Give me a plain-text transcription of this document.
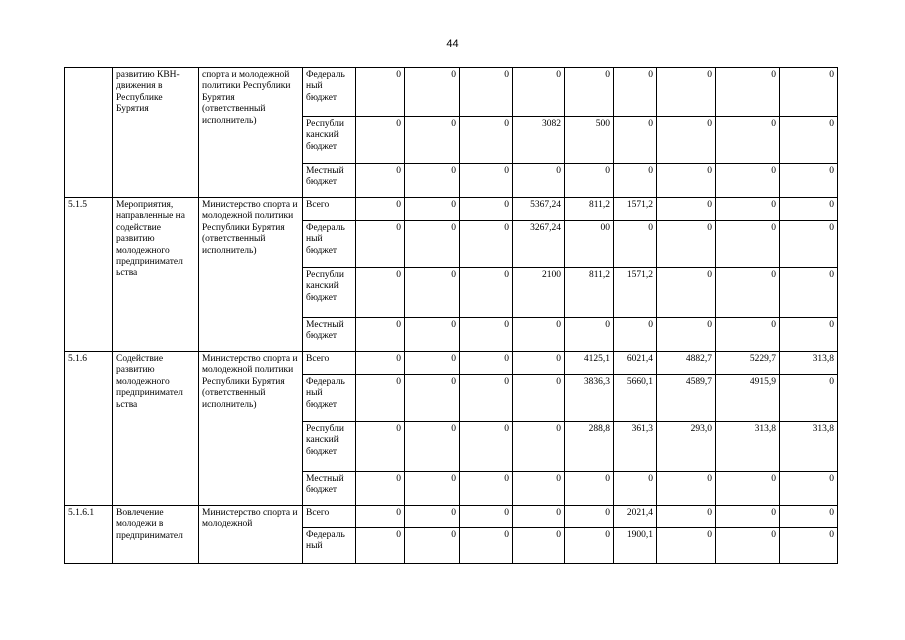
44
	развитию КВН-движения в Республике Бурятия	спорта и молодежной политики Республики Бурятия (ответственный исполнитель)	Федераль ный бюджет	0	0	0	0	0	0	0	0	0
			Республи канский бюджет	0	0	0	3082	500	0	0	0	0
			Местный бюджет	0	0	0	0	0	0	0	0	0
5.1.5	Мероприятия, направленные на содействие развитию молодежного предпринимател ьства	Министерство спорта и молодежной политики Республики Бурятия (ответственный исполнитель)	Всего	0	0	0	5367,24	811,2	1571,2	0	0	0
			Федераль ный бюджет	0	0	0	3267,24	00	0	0	0	0
			Республи канский бюджет	0	0	0	2100	811,2	1571,2	0	0	0
			Местный бюджет	0	0	0	0	0	0	0	0	0
5.1.6	Содействие развитию молодежного предпринимател ьства	Министерство спорта и молодежной политики Республики Бурятия (ответственный исполнитель)	Всего	0	0	0	0	4125,1	6021,4	4882,7	5229,7	313,8
			Федераль ный бюджет	0	0	0	0	3836,3	5660,1	4589,7	4915,9	0
			Республи канский бюджет	0	0	0	0	288,8	361,3	293,0	313,8	313,8
			Местный бюджет	0	0	0	0	0	0	0	0	0
5.1.6.1	Вовлечение молодежи в предпринимател	Министерство спорта и молодежной	Всего	0	0	0	0	0	2021,4	0	0	0
			Федераль ный	0	0	0	0	0	1900,1	0	0	0
